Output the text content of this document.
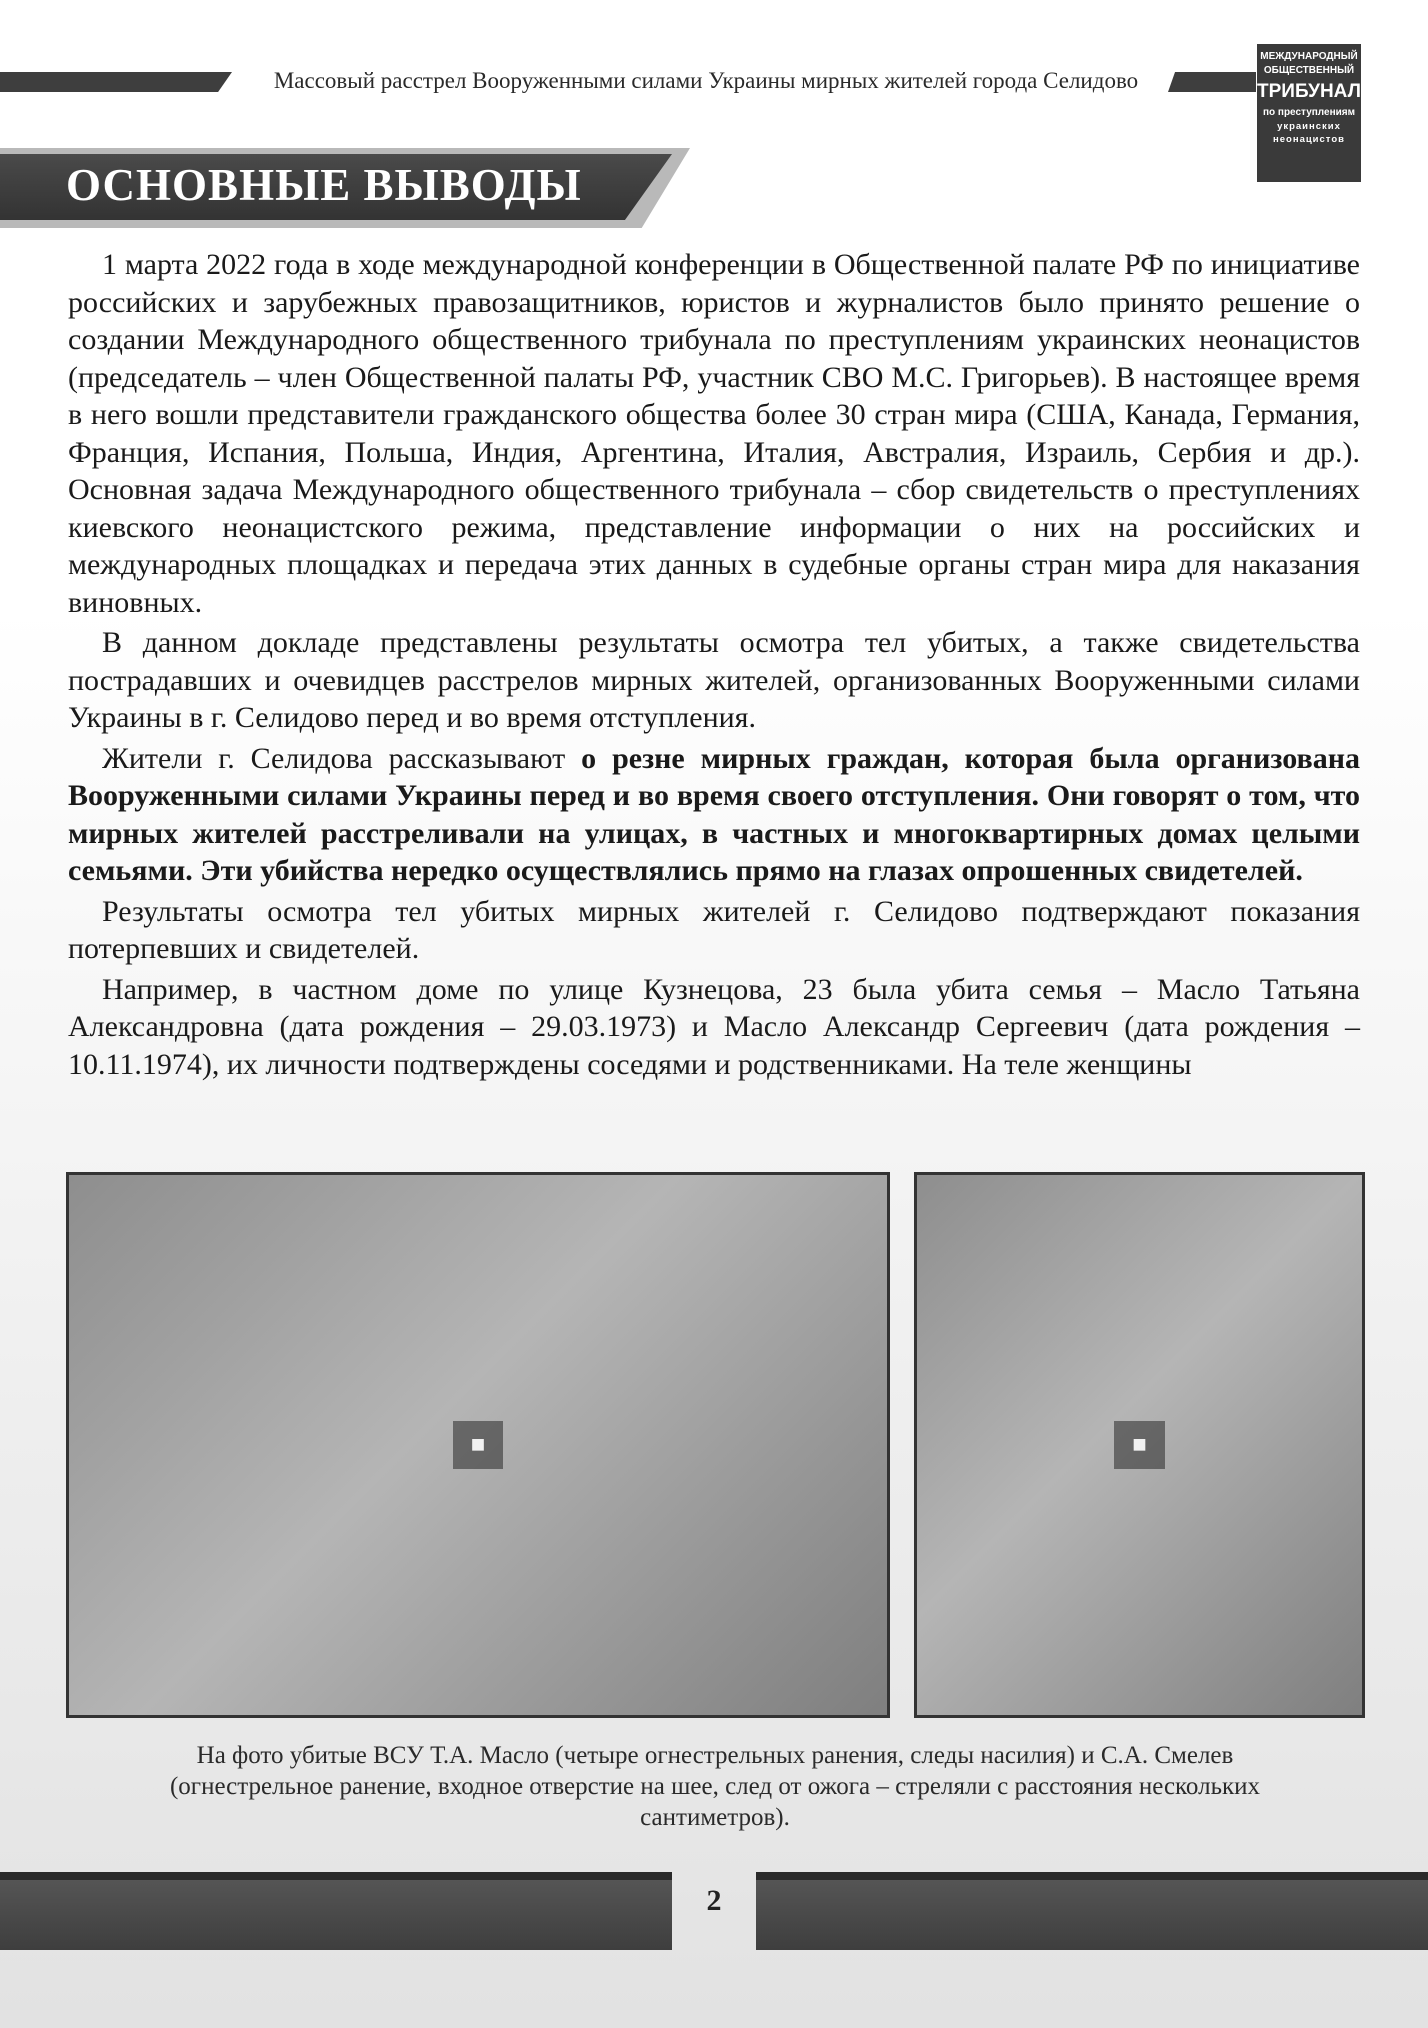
Массовый расстрел Вооруженными силами Украины мирных жителей города Селидово
МЕЖДУНАРОДНЫЙ
ОБЩЕСТВЕННЫЙ
ТРИБУНАЛ
по преступлениям
украинских
неонацистов
ОСНОВНЫЕ ВЫВОДЫ

1 марта 2022 года в ходе международной конференции в Общественной палате РФ по инициативе российских и зарубежных правозащитников, юристов и журналистов было принято решение о создании Международного общественного трибунала по преступлениям украинских неонацистов (председатель – член Общественной палаты РФ, участник СВО М.С. Григорьев). В настоящее время в него вошли представители гражданского общества более 30 стран мира (США, Канада, Германия, Франция, Испания, Польша, Индия, Аргентина, Италия, Австралия, Израиль, Сербия и др.). Основная задача Международного общественного трибунала – сбор свидетельств о преступлениях киевского неонацистского режима, представление информации о них на российских и международных площадках и передача этих данных в судебные органы стран мира для наказания виновных.

В данном докладе представлены результаты осмотра тел убитых, а также свидетельства пострадавших и очевидцев расстрелов мирных жителей, организованных Вооруженными силами Украины в г. Селидово перед и во время отступления.

Жители г. Селидова рассказывают о резне мирных граждан, которая была организована Вооруженными силами Украины перед и во время своего отступления. Они говорят о том, что мирных жителей расстреливали на улицах, в частных и многоквартирных домах целыми семьями. Эти убийства нередко осуществлялись прямо на глазах опрошенных свидетелей.

Результаты осмотра тел убитых мирных жителей г. Селидово подтверждают показания потерпевших и свидетелей.

Например, в частном доме по улице Кузнецова, 23 была убита семья – Масло Татьяна Александровна (дата рождения – 29.03.1973) и Масло Александр Сергеевич (дата рождения – 10.11.1974), их личности подтверждены соседями и родственниками. На теле женщины

■	■
На фото убитые ВСУ Т.А. Масло (четыре огнестрельных ранения, следы насилия) и С.А. Смелев (огнестрельное ранение, входное отверстие на шее, след от ожога – стреляли с расстояния нескольких сантиметров).
2
